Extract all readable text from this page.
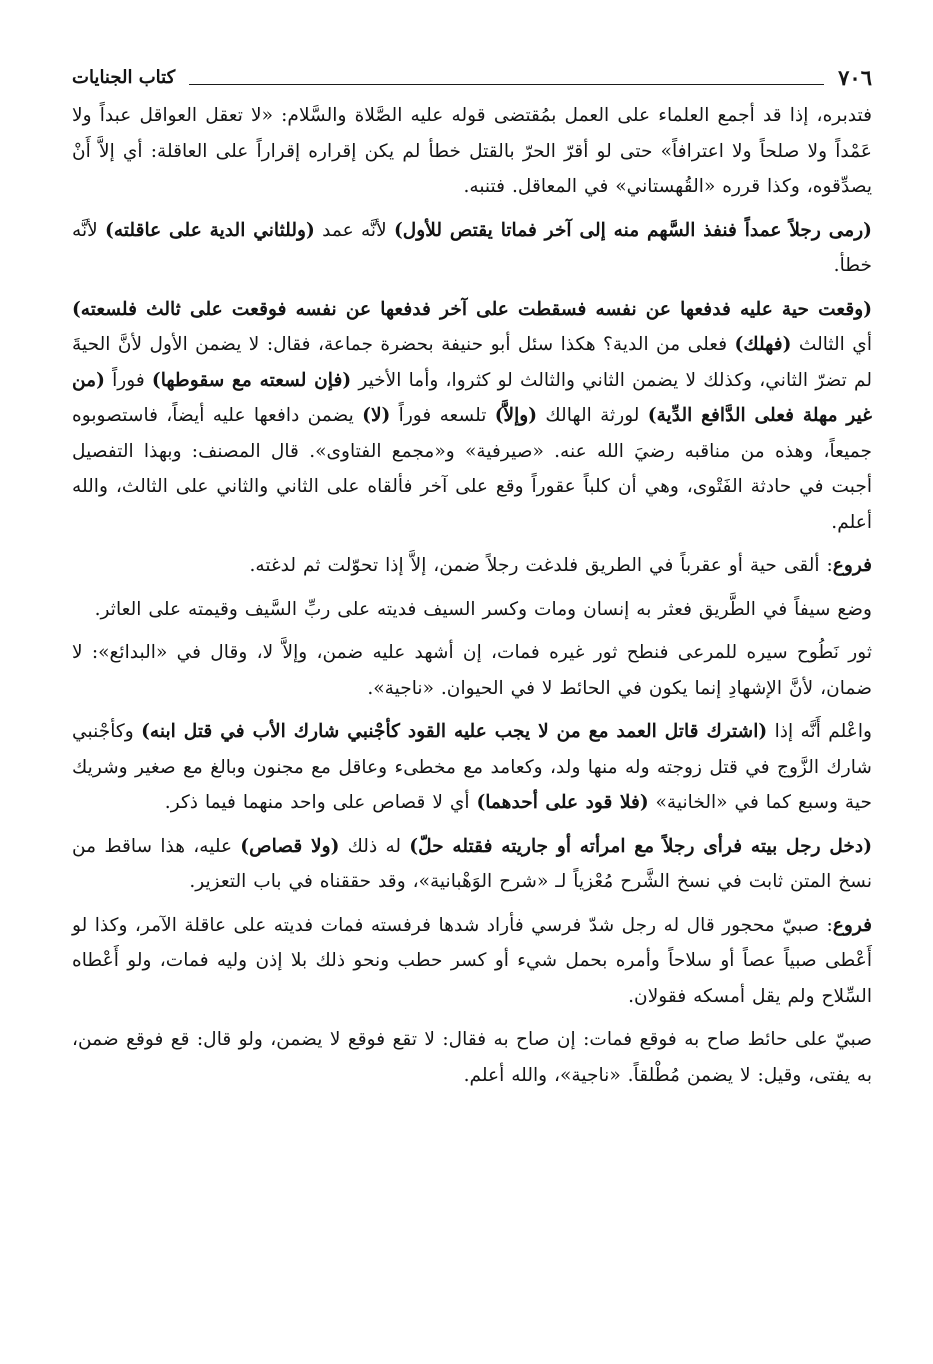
٧٠٦
كتاب الجنايات

فتدبره، إذا قد أجمع العلماء على العمل بمُقتضى قوله عليه الصَّلاة والسَّلام: «لا تعقل العواقل عبداً ولا عَمْداً ولا صلحاً ولا اعترافاً» حتى لو أقرّ الحرّ بالقتل خطأ لم يكن إقراره إقراراً على العاقلة: أي إلاَّ أَنْ يصدِّقوه، وكذا قرره «القُهستاني» في المعاقل. فتنبه.

(رمى رجلاً عمداً فنفذ السَّهم منه إلى آخر فماتا يقتص للأول) لأنَّه عمد (وللثاني الدية على عاقلته) لأنَّه خطأ.

(وقعت حية عليه فدفعها عن نفسه فسقطت على آخر فدفعها عن نفسه فوقعت على ثالث فلسعته) أي الثالث (فهلك) فعلى من الدية؟ هكذا سئل أبو حنيفة بحضرة جماعة، فقال: لا يضمن الأول لأنَّ الحيةَ لم تضرّ الثاني، وكذلك لا يضمن الثاني والثالث لو كثروا، وأما الأخير (فإن لسعته مع سقوطها) فوراً (من غير مهلة فعلى الدَّافع الدِّية) لورثة الهالك (وإلاَّ) تلسعه فوراً (لا) يضمن دافعها عليه أيضاً، فاستصوبوه جميعاً، وهذه من مناقبه رضيَ الله عنه. «صيرفية» و«مجمع الفتاوى». قال المصنف: وبهذا التفصيل أجبت في حادثة الفَتْوى، وهي أن كلباً عقوراً وقع على آخر فألقاه على الثاني والثاني على الثالث، والله أعلم.

فروع: ألقى حية أو عقرباً في الطريق فلدغت رجلاً ضمن، إلاَّ إذا تحوّلت ثم لدغته.

وضع سيفاً في الطَّريق فعثر به إنسان ومات وكسر السيف فديته على ربِّ السَّيف وقيمته على العاثر.

ثور نَطُوح سيره للمرعى فنطح ثور غيره فمات، إن أشهد عليه ضمن، وإلاَّ لا، وقال في «البدائع»: لا ضمان، لأنَّ الإشهادِ إنما يكون في الحائط لا في الحيوان. «ناجية».

واعْلم أَنَّه إذا (اشترك قاتل العمد مع من لا يجب عليه القود كأجْنبي شارك الأب في قتل ابنه) وكأجْنبي شارك الزَّوج في قتل زوجته وله منها ولد، وكعامد مع مخطىء وعاقل مع مجنون وبالغ مع صغير وشريك حية وسبع كما في «الخانية» (فلا قود على أحدهما) أي لا قصاص على واحد منهما فيما ذكر.

(دخل رجل بيته فرأى رجلاً مع امرأته أو جاريته فقتله حلّ) له ذلك (ولا قصاص) عليه، هذا ساقط من نسخ المتن ثابت في نسخ الشَّرح مُعْزياً لـ «شرح الوَهْبانية»، وقد حققناه في باب التعزير.

فروع: صبيّ محجور قال له رجل شدّ فرسي فأراد شدها فرفسته فمات فديته على عاقلة الآمر، وكذا لو أَعْطى صبياً عصاً أو سلاحاً وأمره بحمل شيء أو كسر حطب ونحو ذلك بلا إذن وليه فمات، ولو أَعْطاه السِّلاح ولم يقل أمسكه فقولان.

صبيّ على حائط صاح به فوقع فمات: إن صاح به فقال: لا تقع فوقع لا يضمن، ولو قال: قع فوقع ضمن، به يفتى، وقيل: لا يضمن مُطْلقاً. «ناجية»، والله أعلم.
